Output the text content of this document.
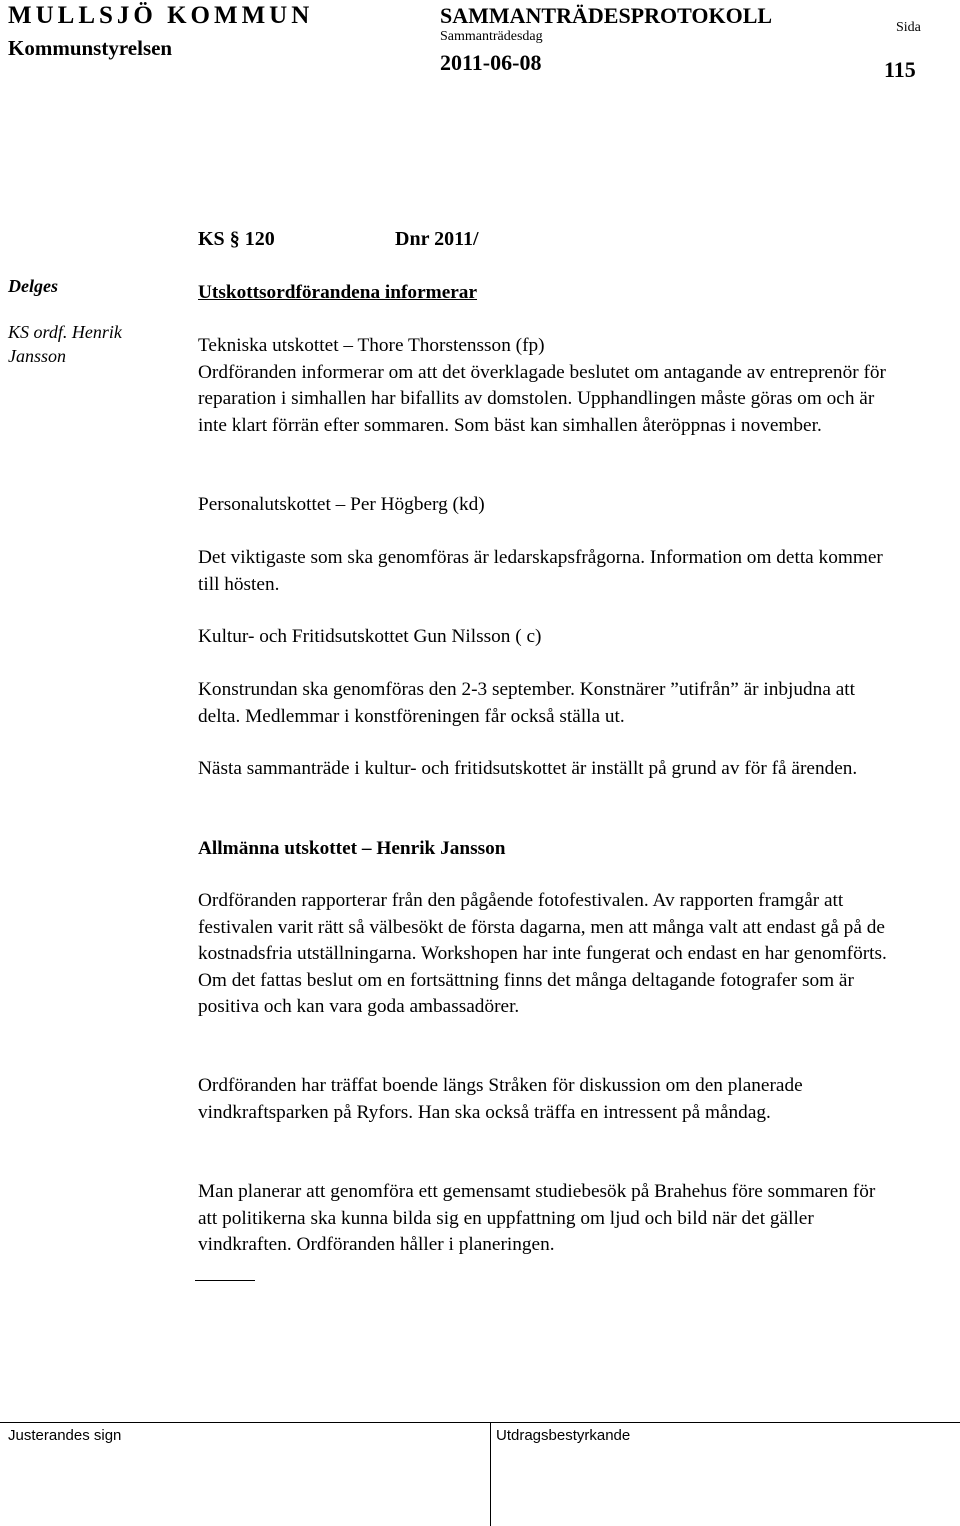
MULLSJÖ KOMMUN
Kommunstyrelsen
SAMMANTRÄDESPROTOKOLL
Sammanträdesdag
2011-06-08
Sida
115
KS § 120	Dnr 2011/
Delges
KS ordf. Henrik Jansson
Utskottsordförandena informerar

Tekniska utskottet – Thore Thorstensson (fp)

Ordföranden informerar om att det överklagade beslutet om antagande av entreprenör för reparation i simhallen har bifallits av domstolen. Upphandlingen måste göras om och är inte klart förrän efter sommaren. Som bäst kan simhallen återöppnas i november.

Personalutskottet – Per Högberg (kd)
Det viktigaste som ska genomföras är ledarskapsfrågorna. Information om detta kommer till hösten.
Kultur- och Fritidsutskottet Gun Nilsson ( c)
Konstrundan ska genomföras den 2-3 september. Konstnärer ”utifrån” är inbjudna att delta. Medlemmar i konstföreningen får också ställa ut.
Nästa sammanträde i kultur- och fritidsutskottet är inställt på grund av för få ärenden.
Allmänna utskottet – Henrik Jansson

Ordföranden rapporterar från den pågående fotofestivalen. Av rapporten framgår att festivalen varit rätt så välbesökt de första dagarna, men att många valt att endast gå på de kostnadsfria utställningarna. Workshopen har inte fungerat och endast en har genomförts.

Om det fattas beslut om en fortsättning finns det många deltagande fotografer som är positiva och kan vara goda ambassadörer.

Ordföranden har träffat boende längs Stråken för diskussion om den planerade vindkraftsparken på Ryfors. Han ska också träffa en intressent på måndag.
Man planerar att genomföra ett gemensamt studiebesök på Brahehus före sommaren för att politikerna ska kunna bilda sig en uppfattning om ljud och bild när det gäller vindkraften. Ordföranden håller i planeringen.
Justerandes sign	Utdragsbestyrkande
